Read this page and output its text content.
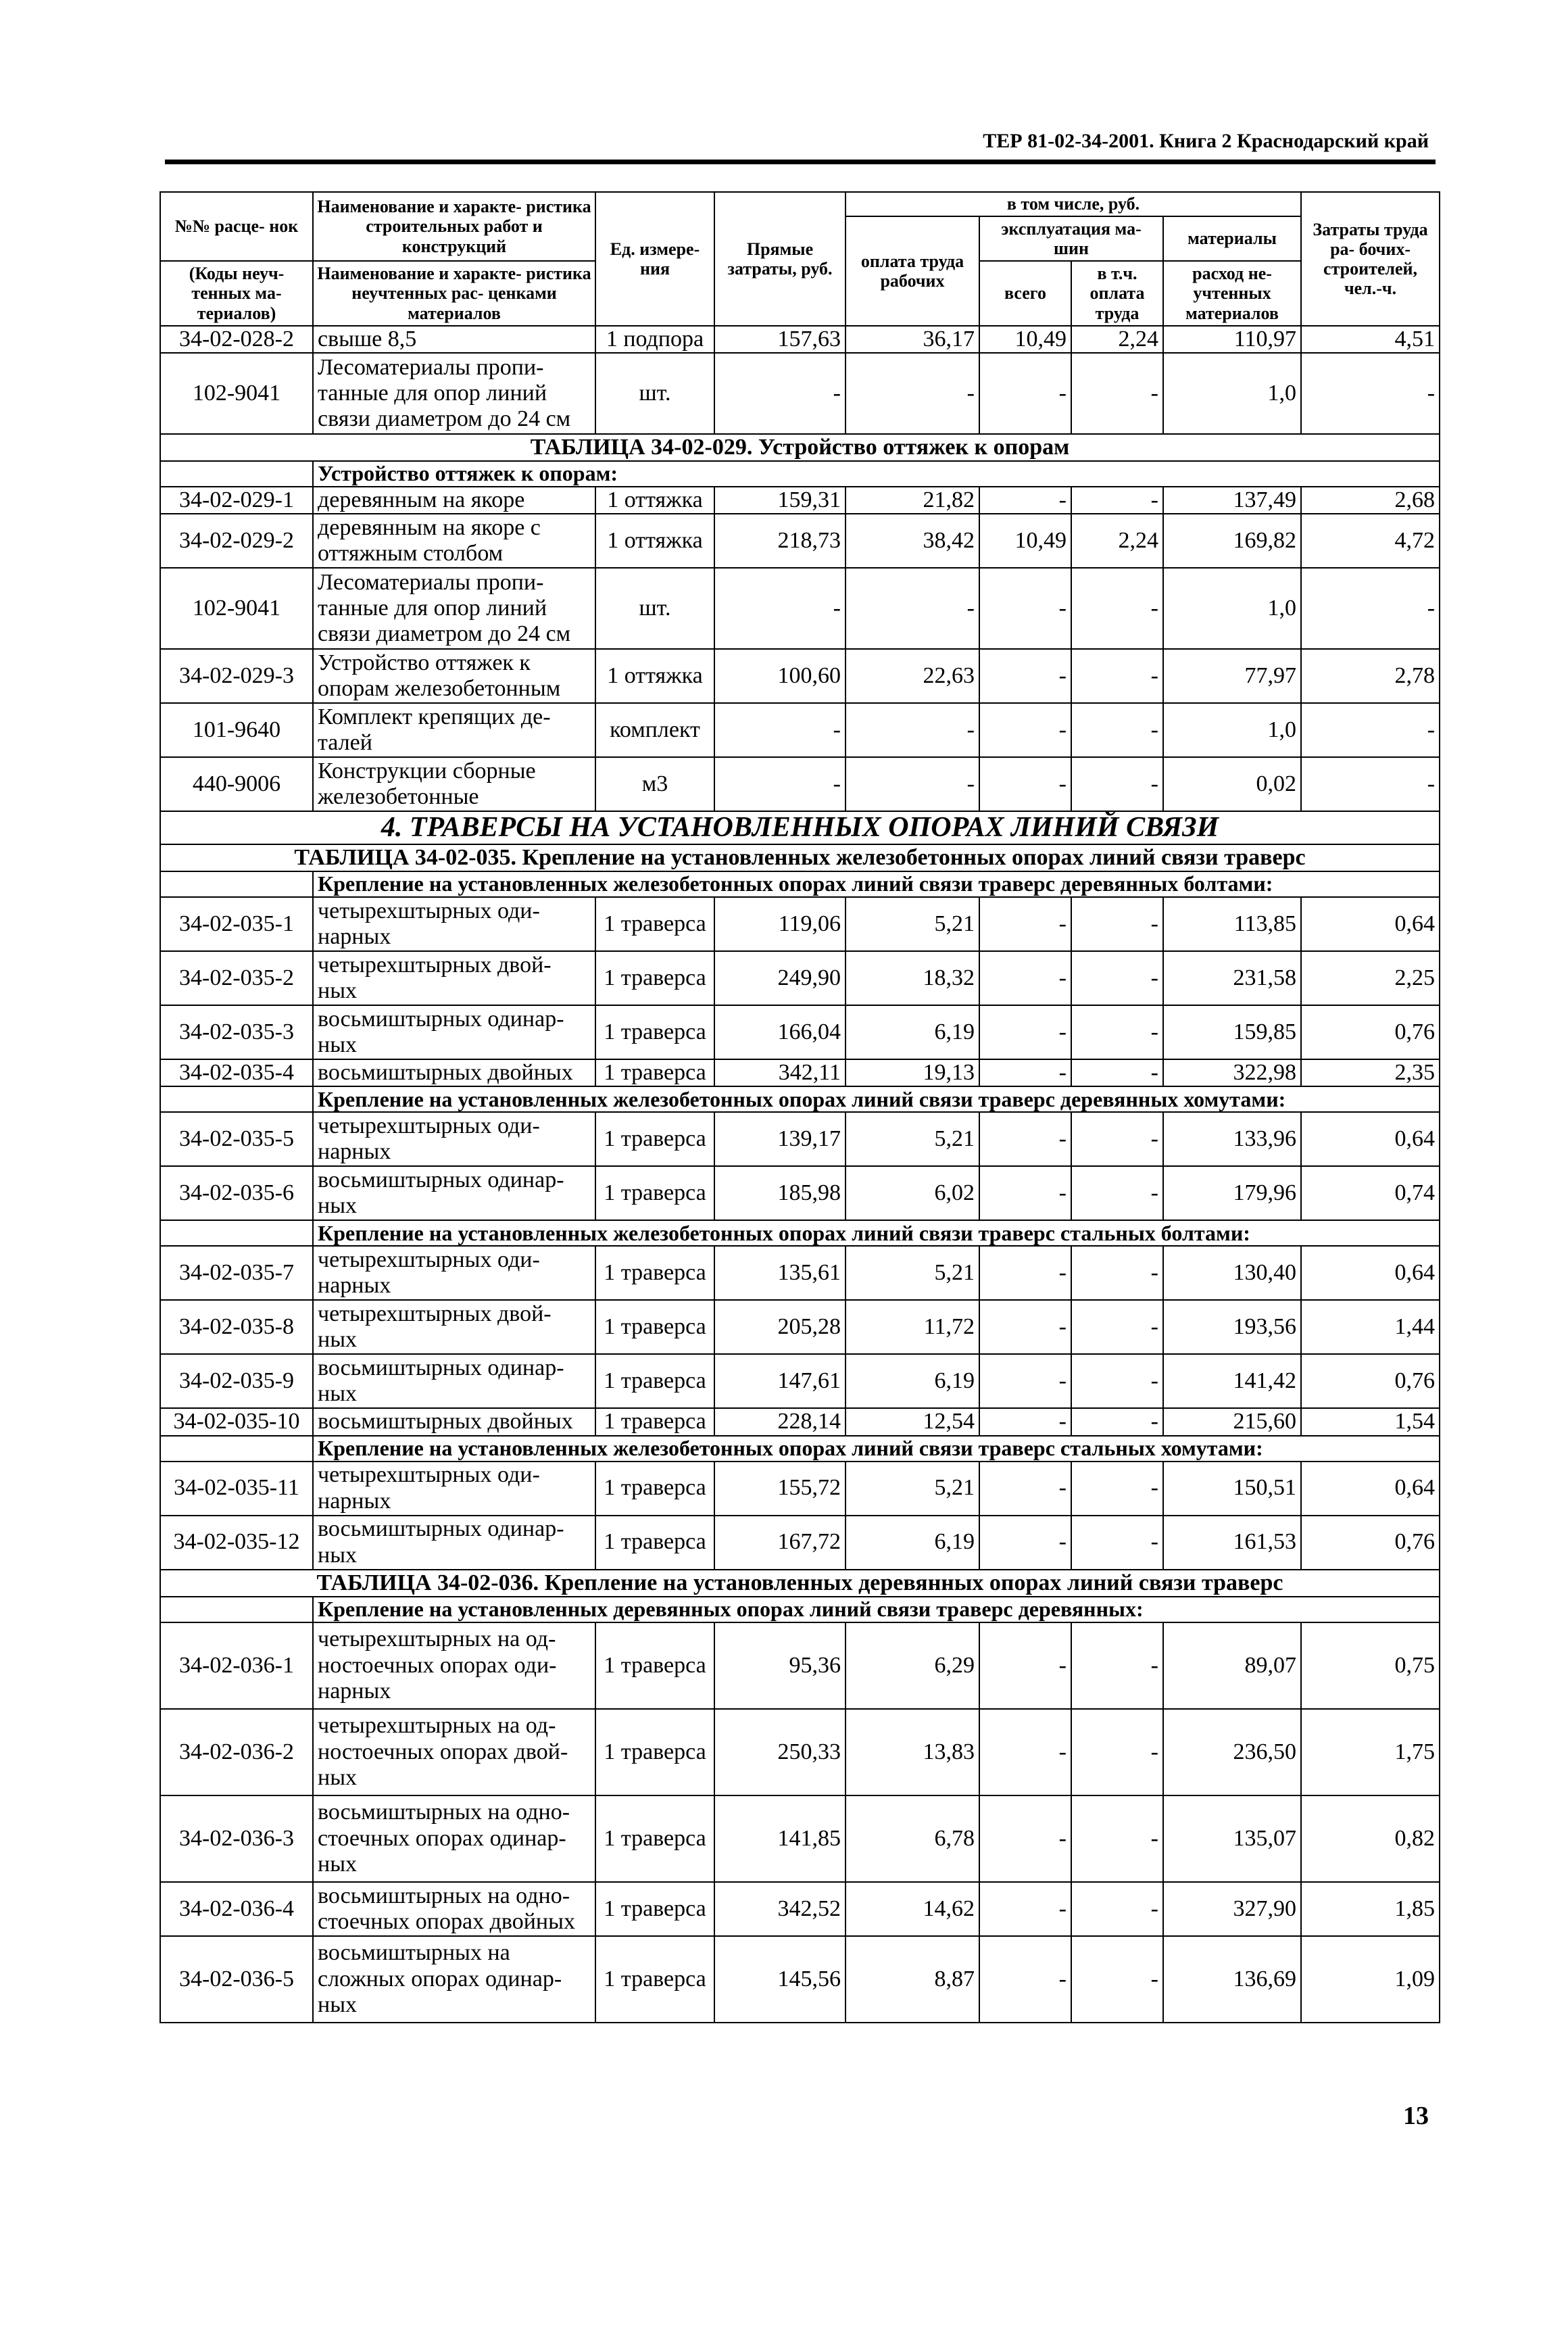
ТЕР 81-02-34-2001. Книга 2 Краснодарский край
№№ расце- нок	Наименование и характе- ристика строительных работ и конструкций	Ед. измере- ния	Прямые затраты, руб.	в том числе, руб.				Затраты труда ра- бочих- строителей, чел.-ч.
				оплата труда рабочих	эксплуатация ма- шин		материалы	

(Коды неуч- тенных ма- териалов)	Наименование и характе- ристика неучтенных рас- ценками материалов				всего	в т.ч. оплата труда	расход не- учтенных материалов	

34-02-028-2	свыше 8,5	1 подпора	157,63	36,17	10,49	2,24	110,97	4,51
102-9041	Лесоматериалы пропи- танные для опор линий связи диаметром до 24 см	шт.	-	-	-	-	1,0	-
ТАБЛИЦА 34-02-029. Устройство оттяжек к опорам								
	Устройство оттяжек к опорам:							
34-02-029-1	деревянным на якоре	1 оттяжка	159,31	21,82	-	-	137,49	2,68
34-02-029-2	деревянным на якоре с оттяжным столбом	1 оттяжка	218,73	38,42	10,49	2,24	169,82	4,72
102-9041	Лесоматериалы пропи- танные для опор линий связи диаметром до 24 см	шт.	-	-	-	-	1,0	-
34-02-029-3	Устройство оттяжек к опорам железобетонным	1 оттяжка	100,60	22,63	-	-	77,97	2,78
101-9640	Комплект крепящих де- талей	комплект	-	-	-	-	1,0	-
440-9006	Конструкции сборные железобетонные	м3	-	-	-	-	0,02	-
4. ТРАВЕРСЫ НА УСТАНОВЛЕННЫХ ОПОРАХ ЛИНИЙ СВЯЗИ								
ТАБЛИЦА 34-02-035. Крепление на установленных железобетонных опорах линий связи траверс								
	Крепление на установленных железобетонных опорах линий связи траверс деревянных болтами:							
34-02-035-1	четырехштырных оди- нарных	1 траверса	119,06	5,21	-	-	113,85	0,64
34-02-035-2	четырехштырных двой- ных	1 траверса	249,90	18,32	-	-	231,58	2,25
34-02-035-3	восьмиштырных одинар- ных	1 траверса	166,04	6,19	-	-	159,85	0,76
34-02-035-4	восьмиштырных двойных	1 траверса	342,11	19,13	-	-	322,98	2,35
	Крепление на установленных железобетонных опорах линий связи траверс деревянных хомутами:							
34-02-035-5	четырехштырных оди- нарных	1 траверса	139,17	5,21	-	-	133,96	0,64
34-02-035-6	восьмиштырных одинар- ных	1 траверса	185,98	6,02	-	-	179,96	0,74
	Крепление на установленных железобетонных опорах линий связи траверс стальных болтами:							
34-02-035-7	четырехштырных оди- нарных	1 траверса	135,61	5,21	-	-	130,40	0,64
34-02-035-8	четырехштырных двой- ных	1 траверса	205,28	11,72	-	-	193,56	1,44
34-02-035-9	восьмиштырных одинар- ных	1 траверса	147,61	6,19	-	-	141,42	0,76
34-02-035-10	восьмиштырных двойных	1 траверса	228,14	12,54	-	-	215,60	1,54
	Крепление на установленных железобетонных опорах линий связи траверс стальных хомутами:							
34-02-035-11	четырехштырных оди- нарных	1 траверса	155,72	5,21	-	-	150,51	0,64
34-02-035-12	восьмиштырных одинар- ных	1 траверса	167,72	6,19	-	-	161,53	0,76
ТАБЛИЦА 34-02-036. Крепление на установленных деревянных опорах линий связи траверс								
	Крепление на установленных деревянных опорах линий связи траверс деревянных:							
34-02-036-1	четырехштырных на од- ностоечных опорах оди- нарных	1 траверса	95,36	6,29	-	-	89,07	0,75
34-02-036-2	четырехштырных на од- ностоечных опорах двой- ных	1 траверса	250,33	13,83	-	-	236,50	1,75
34-02-036-3	восьмиштырных на одно- стоечных опорах одинар- ных	1 траверса	141,85	6,78	-	-	135,07	0,82
34-02-036-4	восьмиштырных на одно- стоечных опорах двойных	1 траверса	342,52	14,62	-	-	327,90	1,85
34-02-036-5	восьмиштырных на сложных опорах одинар- ных	1 траверса	145,56	8,87	-	-	136,69	1,09
13
